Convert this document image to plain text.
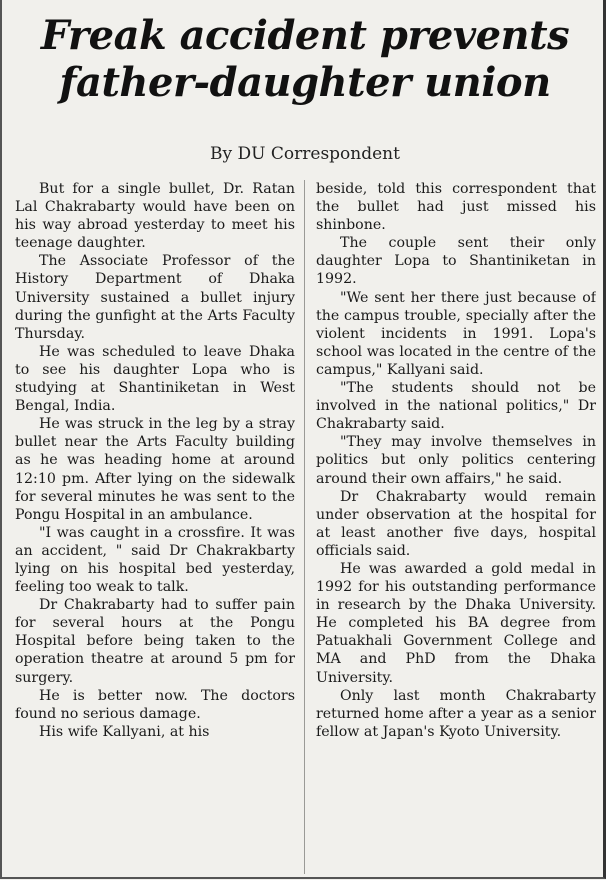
Freak accident prevents
father-daughter union

By DU Correspondent

But for a single bullet, Dr. Ratan Lal Chakrabarty would have been on his way abroad yesterday to meet his teenage daughter.

The Associate Professor of the History Department of Dhaka University sustained a bullet injury during the gunfight at the Arts Faculty Thursday.

He was scheduled to leave Dhaka to see his daughter Lopa who is studying at Shantiniketan in West Bengal, India.

He was struck in the leg by a stray bullet near the Arts Faculty building as he was heading home at around 12:10 pm. After lying on the sidewalk for several minutes he was sent to the Pongu Hospital in an ambulance.

"I was caught in a crossfire. It was an accident, " said Dr Chakrakbarty lying on his hospital bed yesterday, feeling too weak to talk.

Dr Chakrabarty had to suffer pain for several hours at the Pongu Hospital before being taken to the operation theatre at around 5 pm for surgery.

He is better now. The doctors found no serious damage.

His wife Kallyani, at his

beside, told this correspondent that the bullet had just missed his shinbone.

The couple sent their only daughter Lopa to Shantiniketan in 1992.

"We sent her there just because of the campus trouble, specially after the violent incidents in 1991. Lopa's school was located in the centre of the campus," Kallyani said.

"The students should not be involved in the national politics," Dr Chakrabarty said.

"They may involve themselves in politics but only politics centering around their own affairs," he said.

Dr Chakrabarty would remain under observation at the hospital for at least another five days, hospital officials said.

He was awarded a gold medal in 1992 for his outstanding performance in research by the Dhaka University. He completed his BA degree from Patuakhali Government College and MA and PhD from the Dhaka University.

Only last month Chakrabarty returned home after a year as a senior fellow at Japan's Kyoto University.
